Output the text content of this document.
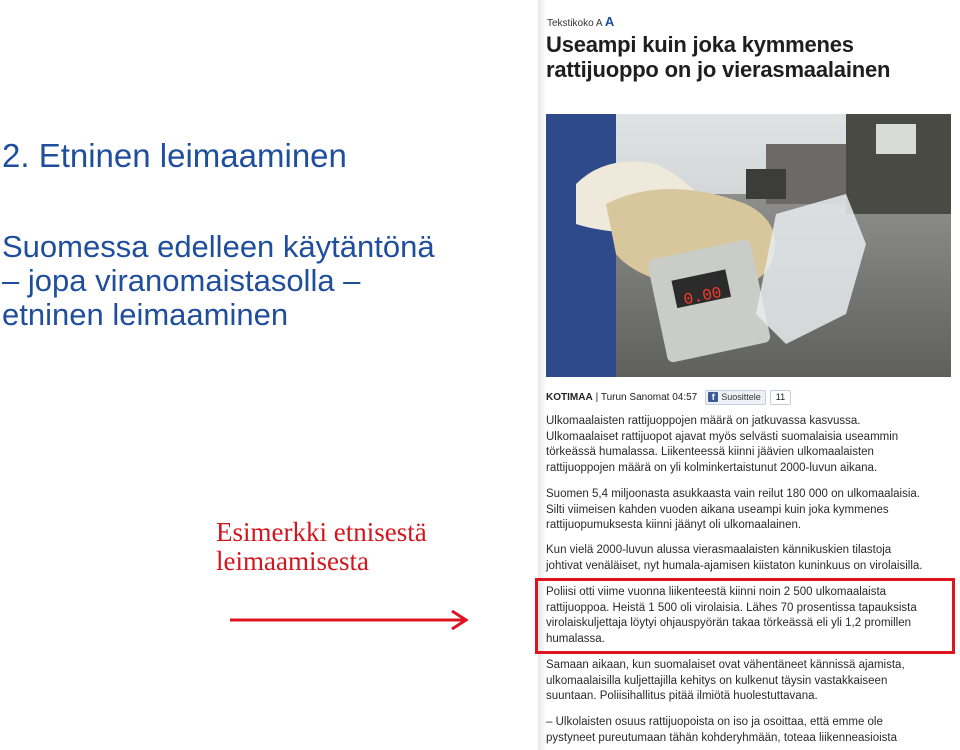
2. Etninen leimaaminen
Suomessa edelleen käytäntönä
– jopa viranomaistasolla –
etninen leimaaminen
Esimerkki etnisestä
leimaamisesta
Tekstikoko A A
Useampi kuin joka kymmenes rattijuoppo on jo vierasmaalainen
0.00
KOTIMAA | Turun Sanomat 04:57	f Suosittele	11
Ulkomaalaisten rattijuoppojen määrä on jatkuvassa kasvussa.
Ulkomaalaiset rattijuopot ajavat myös selvästi suomalaisia useammin
törkeässä humalassa. Liikenteessä kiinni jäävien ulkomaalaisten
rattijuoppojen määrä on yli kolminkertaistunut 2000-luvun aikana.
Suomen 5,4 miljoonasta asukkaasta vain reilut 180 000 on ulkomaalaisia.
Silti viimeisen kahden vuoden aikana useampi kuin joka kymmenes
rattijuopumuksesta kiinni jäänyt oli ulkomaalainen.
Kun vielä 2000-luvun alussa vierasmaalaisten kännikuskien tilastoja
johtivat venäläiset, nyt humala-ajamisen kiistaton kuninkuus on virolaisilla.
Poliisi otti viime vuonna liikenteestä kiinni noin 2 500 ulkomaalaista
rattijuoppoa. Heistä 1 500 oli virolaisia. Lähes 70 prosentissa tapauksista
virolaiskuljettaja löytyi ohjauspyörän takaa törkeässä eli yli 1,2 promillen
humalassa.
Samaan aikaan, kun suomalaiset ovat vähentäneet kännissä ajamista,
ulkomaalaisilla kuljettajilla kehitys on kulkenut täysin vastakkaiseen
suuntaan. Poliisihallitus pitää ilmiötä huolestuttavana.
– Ulkolaisten osuus rattijuopoista on iso ja osoittaa, että emme ole
pystyneet pureutumaan tähän kohderyhmään, toteaa liikenneasioista
